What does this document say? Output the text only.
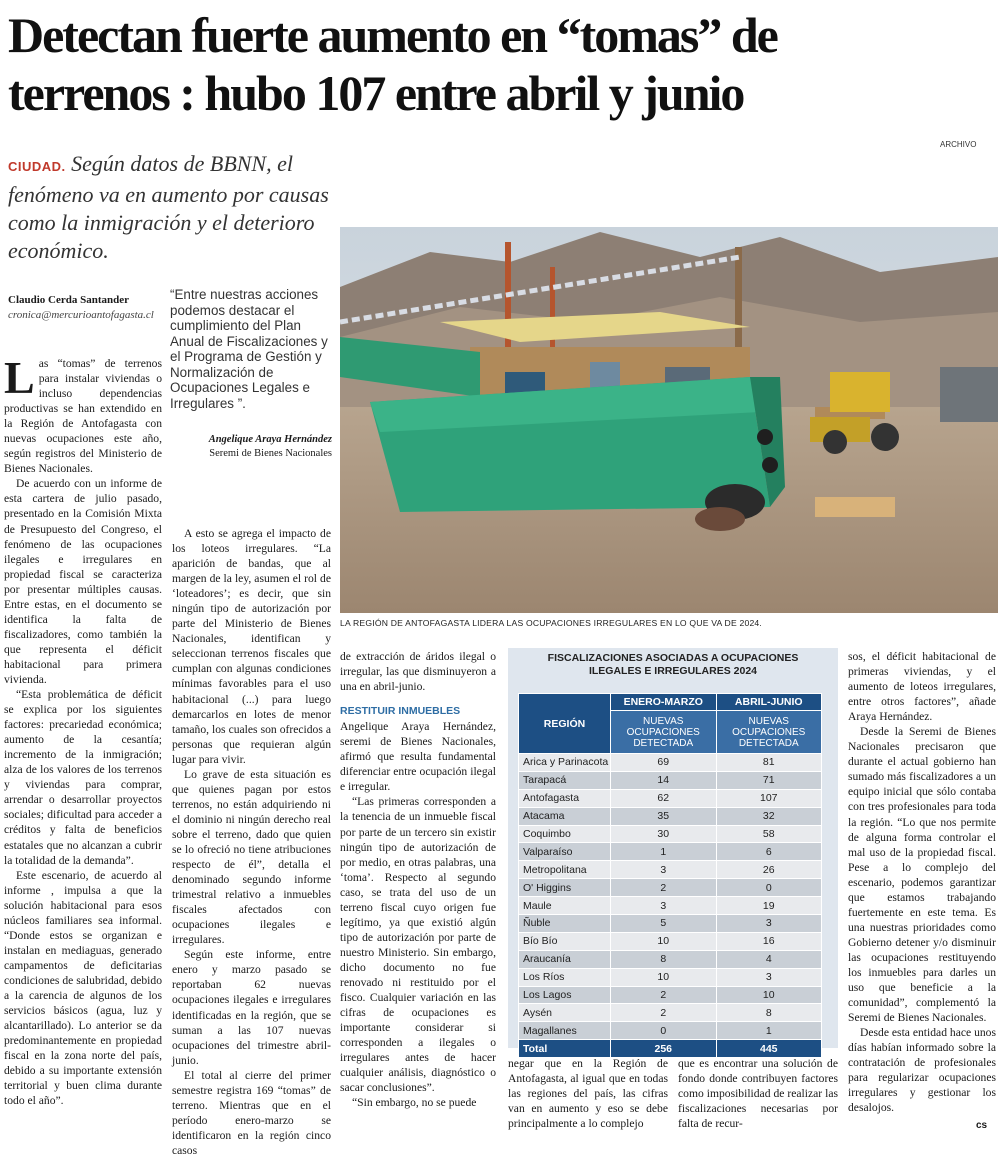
Detectan fuerte aumento en “tomas” de
terrenos : hubo 107 entre abril y junio
ARCHIVO
CIUDAD. Según datos de BBNN, el fenómeno va en aumento por causas como la inmigración y el deterioro económico.
Claudio Cerda Santander
cronica@mercurioantofagasta.cl
“Entre nuestras acciones podemos destacar el cumplimiento del Plan Anual de Fiscalizaciones y el Programa de Gestión y Normalización de Ocupaciones Legales e Irregulares ”.
Angelique Araya Hernández
Seremi de Bienes Nacionales

Las “tomas” de terrenos para instalar viviendas o incluso dependencias productivas se han extendido en la Región de Antofagasta con nuevas ocupaciones este año, según registros del Ministerio de Bienes Nacionales.

De acuerdo con un informe de esta cartera de julio pasado, presentado en la Comisión Mixta de Presupuesto del Congreso, el fenómeno de las ocupaciones ilegales e irregulares en propiedad fiscal se caracteriza por presentar múltiples causas. Entre estas, en el documento se identifica la falta de fiscalizadores, como también la que representa el déficit habitacional para primera vivienda.

“Esta problemática de déficit se explica por los siguientes factores: precariedad económica; aumento de la cesantía; incremento de la inmigración; alza de los valores de los terrenos y viviendas para comprar, arrendar o desarrollar proyectos sociales; dificultad para acceder a créditos y falta de beneficios estatales que no alcanzan a cubrir la totalidad de la demanda”.

Este escenario, de acuerdo al informe , impulsa a que la solución habitacional para esos núcleos familiares sea informal. “Donde estos se organizan e instalan en mediaguas, generado campamentos de deficitarias condiciones de salubridad, debido a la carencia de algunos de los servicios básicos (agua, luz y alcantarillado). Lo anterior se da predominantemente en propiedad fiscal en la zona norte del país, debido a su importante extensión territorial y buen clima durante todo el año”.

A esto se agrega el impacto de los loteos irregulares. “La aparición de bandas, que al margen de la ley, asumen el rol de ‘loteadores’; es decir, que sin ningún tipo de autorización por parte del Ministerio de Bienes Nacionales, identifican y seleccionan terrenos fiscales que cumplan con algunas condiciones mínimas favorables para el uso habitacional (...) para luego demarcarlos en lotes de menor tamaño, los cuales son ofrecidos a personas que requieran algún lugar para vivir.

Lo grave de esta situación es que quienes pagan por estos terrenos, no están adquiriendo ni el dominio ni ningún derecho real sobre el terreno, dado que quien se lo ofreció no tiene atribuciones respecto de él”, detalla el denominado segundo informe trimestral relativo a inmuebles fiscales afectados con ocupaciones ilegales e irregulares.

Según este informe, entre enero y marzo pasado se reportaban 62 nuevas ocupaciones ilegales e irregulares identificadas en la región, que se suman a las 107 nuevas ocupaciones del trimestre abril-junio.

El total al cierre del primer semestre registra 169 “tomas” de terreno. Mientras que en el período enero-marzo se identificaron en la región cinco casos

LA REGIÓN DE ANTOFAGASTA LIDERA LAS OCUPACIONES IRREGULARES EN LO QUE VA DE 2024.
FISCALIZACIONES ASOCIADAS A OCUPACIONES
ILEGALES E IRREGULARES 2024
REGIÓN	ENERO-MARZO	ABRIL-JUNIO
	NUEVAS OCUPACIONES DETECTADA	NUEVAS OCUPACIONES DETECTADA
Arica y Parinacota	69	81
Tarapacá	14	71
Antofagasta	62	107
Atacama	35	32
Coquimbo	30	58
Valparaíso	1	6
Metropolitana	3	26
O' Higgins	2	0
Maule	3	19
Ñuble	5	3
Bío Bío	10	16
Araucanía	8	4
Los Ríos	10	3
Los Lagos	2	10
Aysén	2	8
Magallanes	0	1
Total	256	445

de extracción de áridos ilegal o irregular, las que disminuyeron a una en abril-junio.

RESTITUIR INMUEBLES

Angelique Araya Hernández, seremi de Bienes Nacionales, afirmó que resulta fundamental diferenciar entre ocupación ilegal e irregular.

“Las primeras corresponden a la tenencia de un inmueble fiscal por parte de un tercero sin existir ningún tipo de autorización de por medio, en otras palabras, una ‘toma’. Respecto al segundo caso, se trata del uso de un terreno fiscal cuyo origen fue legítimo, ya que existió algún tipo de autorización por parte de nuestro Ministerio. Sin embargo, dicho documento no fue renovado ni restituido por el fisco. Cualquier variación en las cifras de ocupaciones es importante considerar si corresponden a ilegales o irregulares antes de hacer cualquier análisis, diagnóstico o sacar conclusiones”.

“Sin embargo, no se puede

negar que en la Región de Antofagasta, al igual que en todas las regiones del país, las cifras van en aumento y eso se debe principalmente a lo complejo

que es encontrar una solución de fondo donde contribuyen factores como imposibilidad de realizar las fiscalizaciones necesarias por falta de recur-

sos, el déficit habitacional de primeras viviendas, y el aumento de loteos irregulares, entre otros factores”, añade Araya Hernández.

Desde la Seremi de Bienes Nacionales precisaron que durante el actual gobierno han sumado más fiscalizadores a un equipo inicial que sólo contaba con tres profesionales para toda la región. “Lo que nos permite de alguna forma controlar el mal uso de la propiedad fiscal. Pese a lo complejo del escenario, podemos garantizar que estamos trabajando fuertemente en este tema. Es una nuestras prioridades como Gobierno detener y/o disminuir las ocupaciones restituyendo los inmuebles para darles un uso que beneficie a la comunidad”, complementó la Seremi de Bienes Nacionales.

Desde esta entidad hace unos días habían informado sobre la contratación de profesionales para regularizar ocupaciones irregulares y gestionar los desalojos.

cs
